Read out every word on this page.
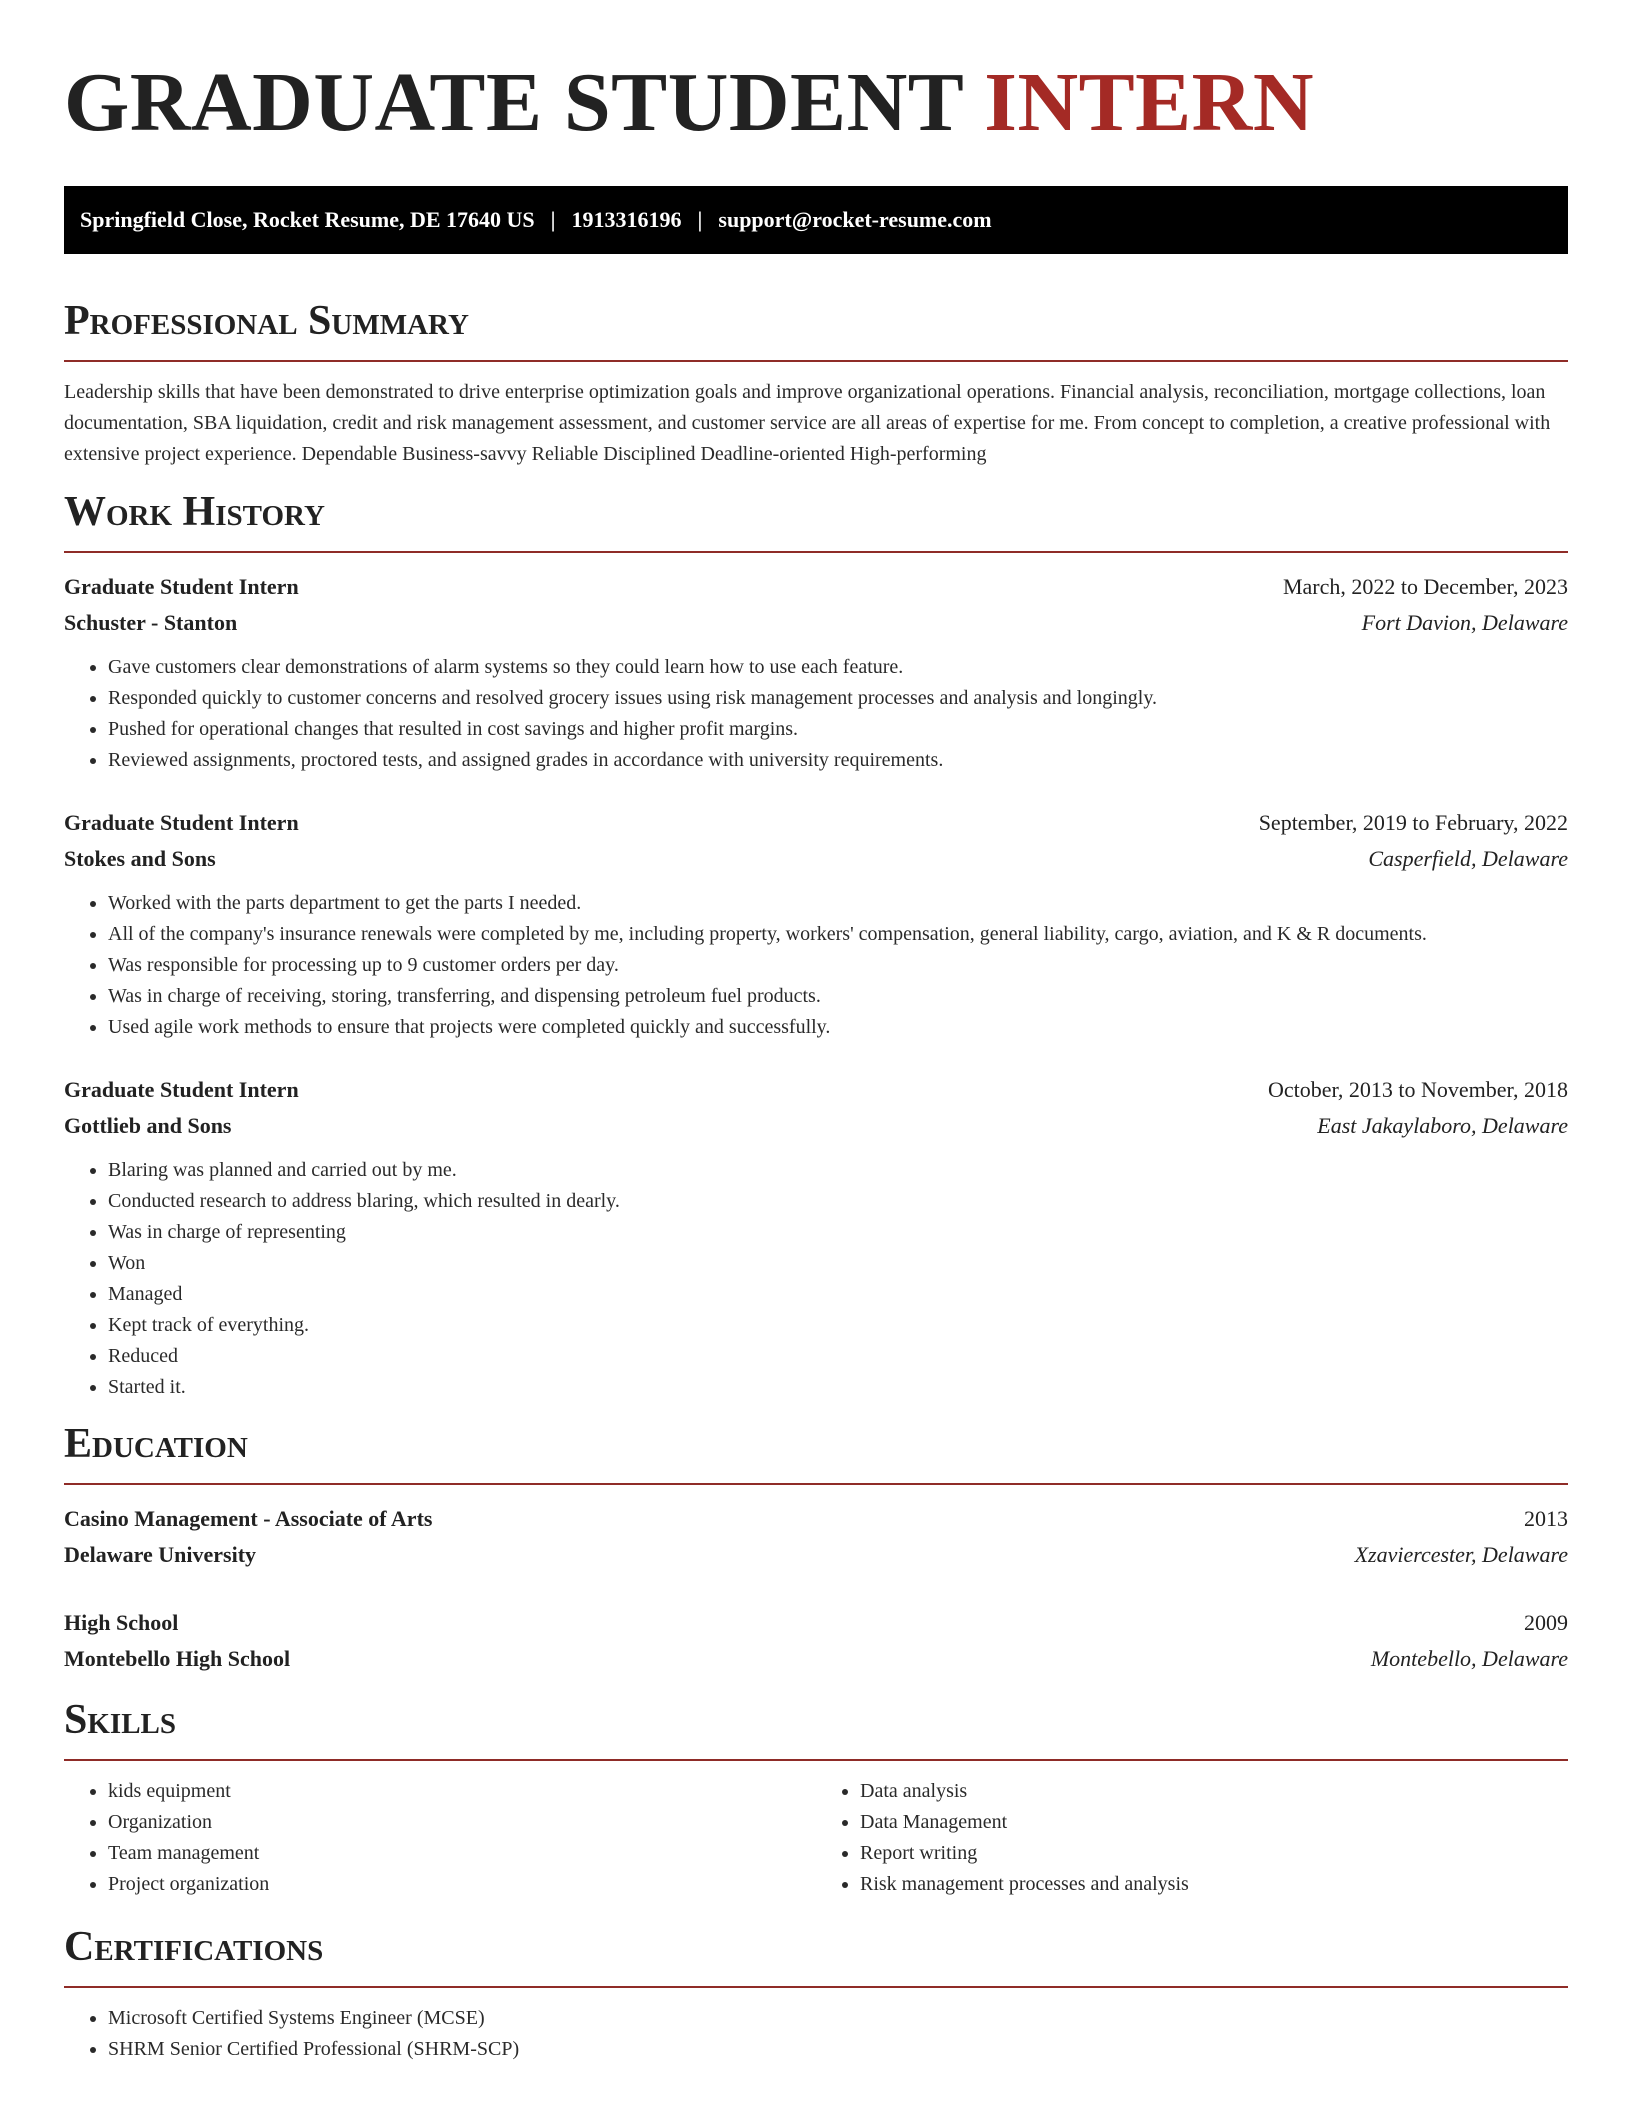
GRADUATE STUDENT INTERN
Springfield Close, Rocket Resume, DE 17640 US | 1913316196 | support@rocket-resume.com
Professional Summary

Leadership skills that have been demonstrated to drive enterprise optimization goals and improve organizational operations. Financial analysis, reconciliation, mortgage collections, loan documentation, SBA liquidation, credit and risk management assessment, and customer service are all areas of expertise for me. From concept to completion, a creative professional with extensive project experience. Dependable Business-savvy Reliable Disciplined Deadline-oriented High-performing

Work History
Graduate Student Intern	March, 2022 to December, 2023
Schuster - Stanton	Fort Davion, Delaware
• Gave customers clear demonstrations of alarm systems so they could learn how to use each feature.
• Responded quickly to customer concerns and resolved grocery issues using risk management processes and analysis and longingly.
• Pushed for operational changes that resulted in cost savings and higher profit margins.
• Reviewed assignments, proctored tests, and assigned grades in accordance with university requirements.
Graduate Student Intern	September, 2019 to February, 2022
Stokes and Sons	Casperfield, Delaware
• Worked with the parts department to get the parts I needed.
• All of the company's insurance renewals were completed by me, including property, workers' compensation, general liability, cargo, aviation, and K & R documents.
• Was responsible for processing up to 9 customer orders per day.
• Was in charge of receiving, storing, transferring, and dispensing petroleum fuel products.
• Used agile work methods to ensure that projects were completed quickly and successfully.
Graduate Student Intern	October, 2013 to November, 2018
Gottlieb and Sons	East Jakaylaboro, Delaware
• Blaring was planned and carried out by me.
• Conducted research to address blaring, which resulted in dearly.
• Was in charge of representing
• Won
• Managed
• Kept track of everything.
• Reduced
• Started it.
Education
Casino Management - Associate of Arts	2013
Delaware University	Xzaviercester, Delaware
High School	2009
Montebello High School	Montebello, Delaware
Skills
• kids equipment
• Organization
• Team management
• Project organization
• Data analysis
• Data Management
• Report writing
• Risk management processes and analysis
Certifications
• Microsoft Certified Systems Engineer (MCSE)
• SHRM Senior Certified Professional (SHRM-SCP)
